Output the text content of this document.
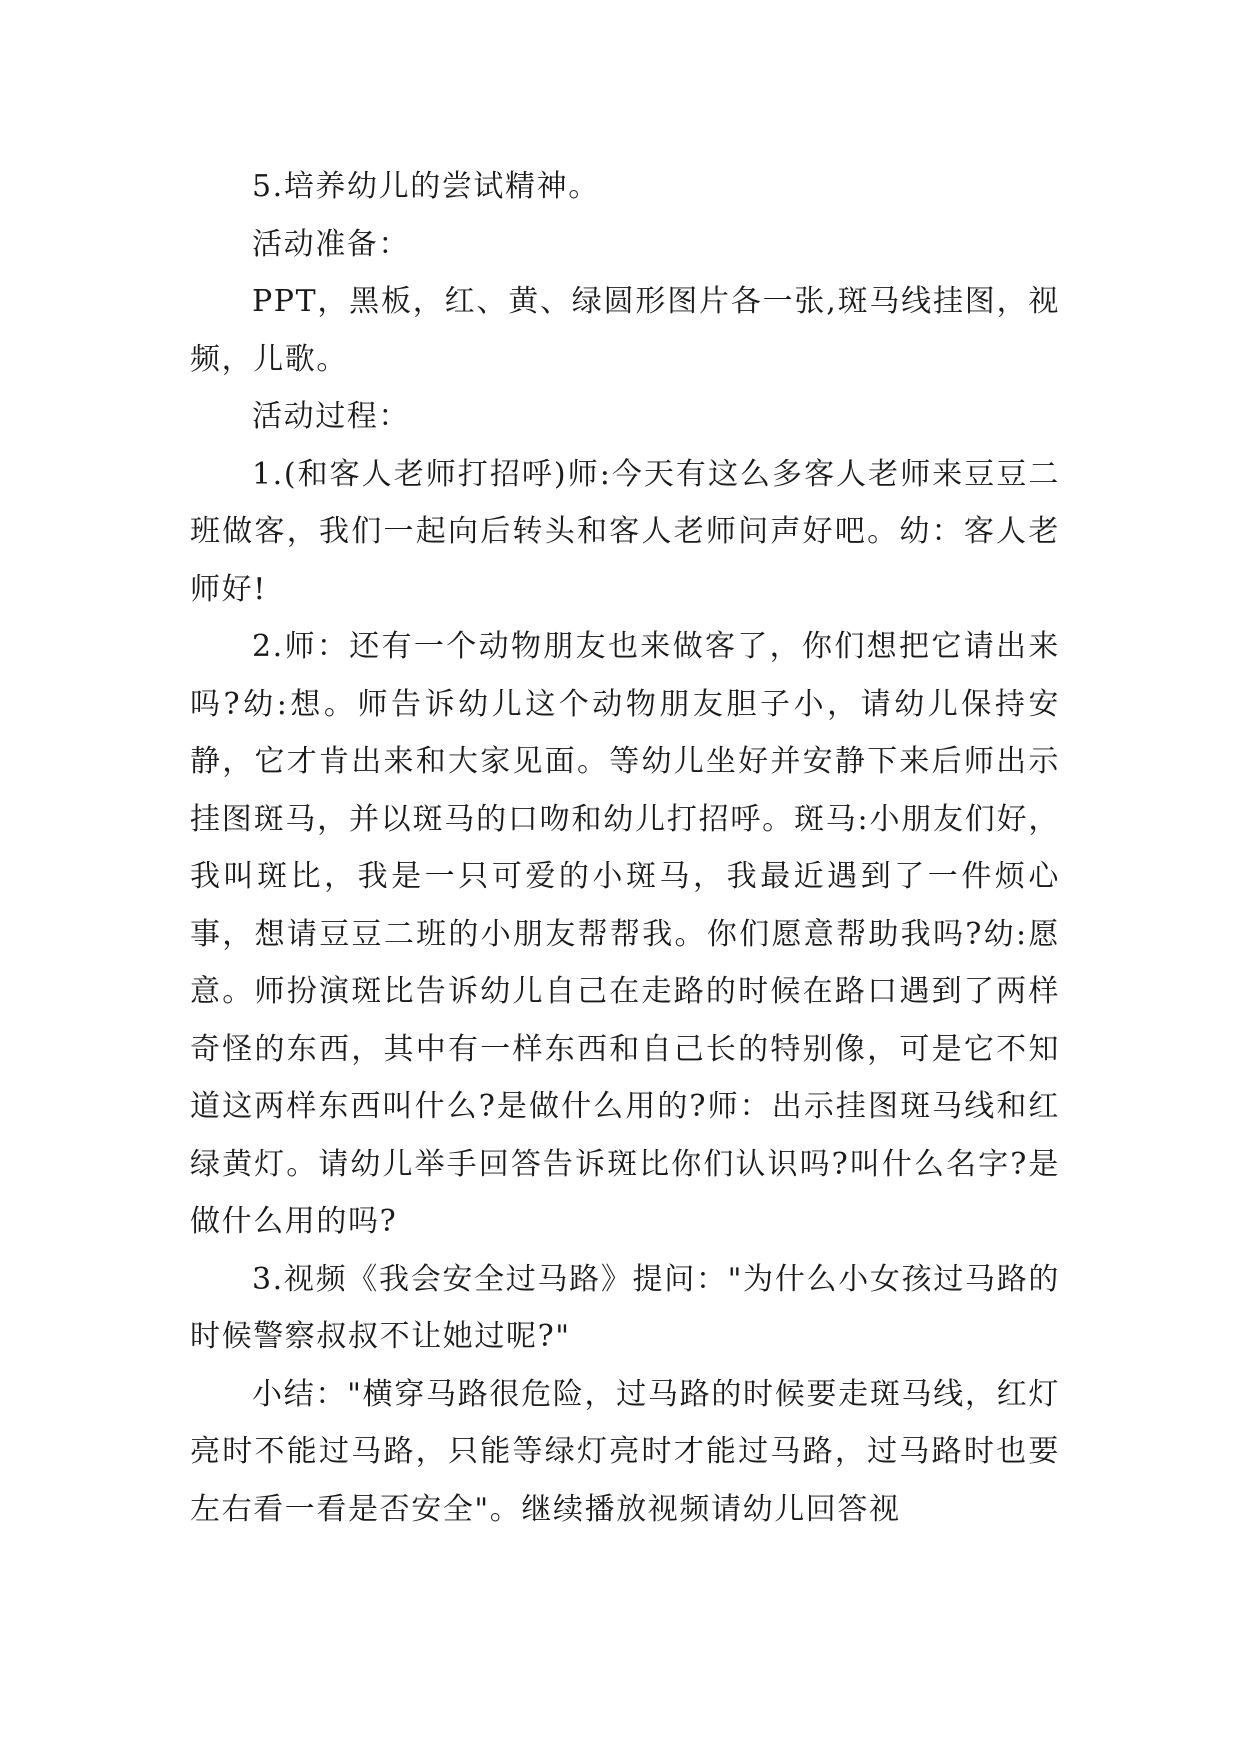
5.培养幼儿的尝试精神。

活动准备：

PPT，黑板，红、黄、绿圆形图片各一张,斑马线挂图，视频，儿歌。

活动过程：

1.(和客人老师打招呼)师:今天有这么多客人老师来豆豆二班做客，我们一起向后转头和客人老师问声好吧。幼：客人老师好!

2.师：还有一个动物朋友也来做客了，你们想把它请出来吗?幼:想。师告诉幼儿这个动物朋友胆子小，请幼儿保持安静，它才肯出来和大家见面。等幼儿坐好并安静下来后师出示挂图斑马，并以斑马的口吻和幼儿打招呼。斑马:小朋友们好，我叫斑比，我是一只可爱的小斑马，我最近遇到了一件烦心事，想请豆豆二班的小朋友帮帮我。你们愿意帮助我吗?幼:愿意。师扮演斑比告诉幼儿自己在走路的时候在路口遇到了两样奇怪的东西，其中有一样东西和自己长的特别像，可是它不知道这两样东西叫什么?是做什么用的?师：出示挂图斑马线和红绿黄灯。请幼儿举手回答告诉斑比你们认识吗?叫什么名字?是做什么用的吗?

3.视频《我会安全过马路》提问："为什么小女孩过马路的时候警察叔叔不让她过呢?"

小结："横穿马路很危险，过马路的时候要走斑马线，红灯亮时不能过马路，只能等绿灯亮时才能过马路，过马路时也要左右看一看是否安全"。继续播放视频请幼儿回答视
